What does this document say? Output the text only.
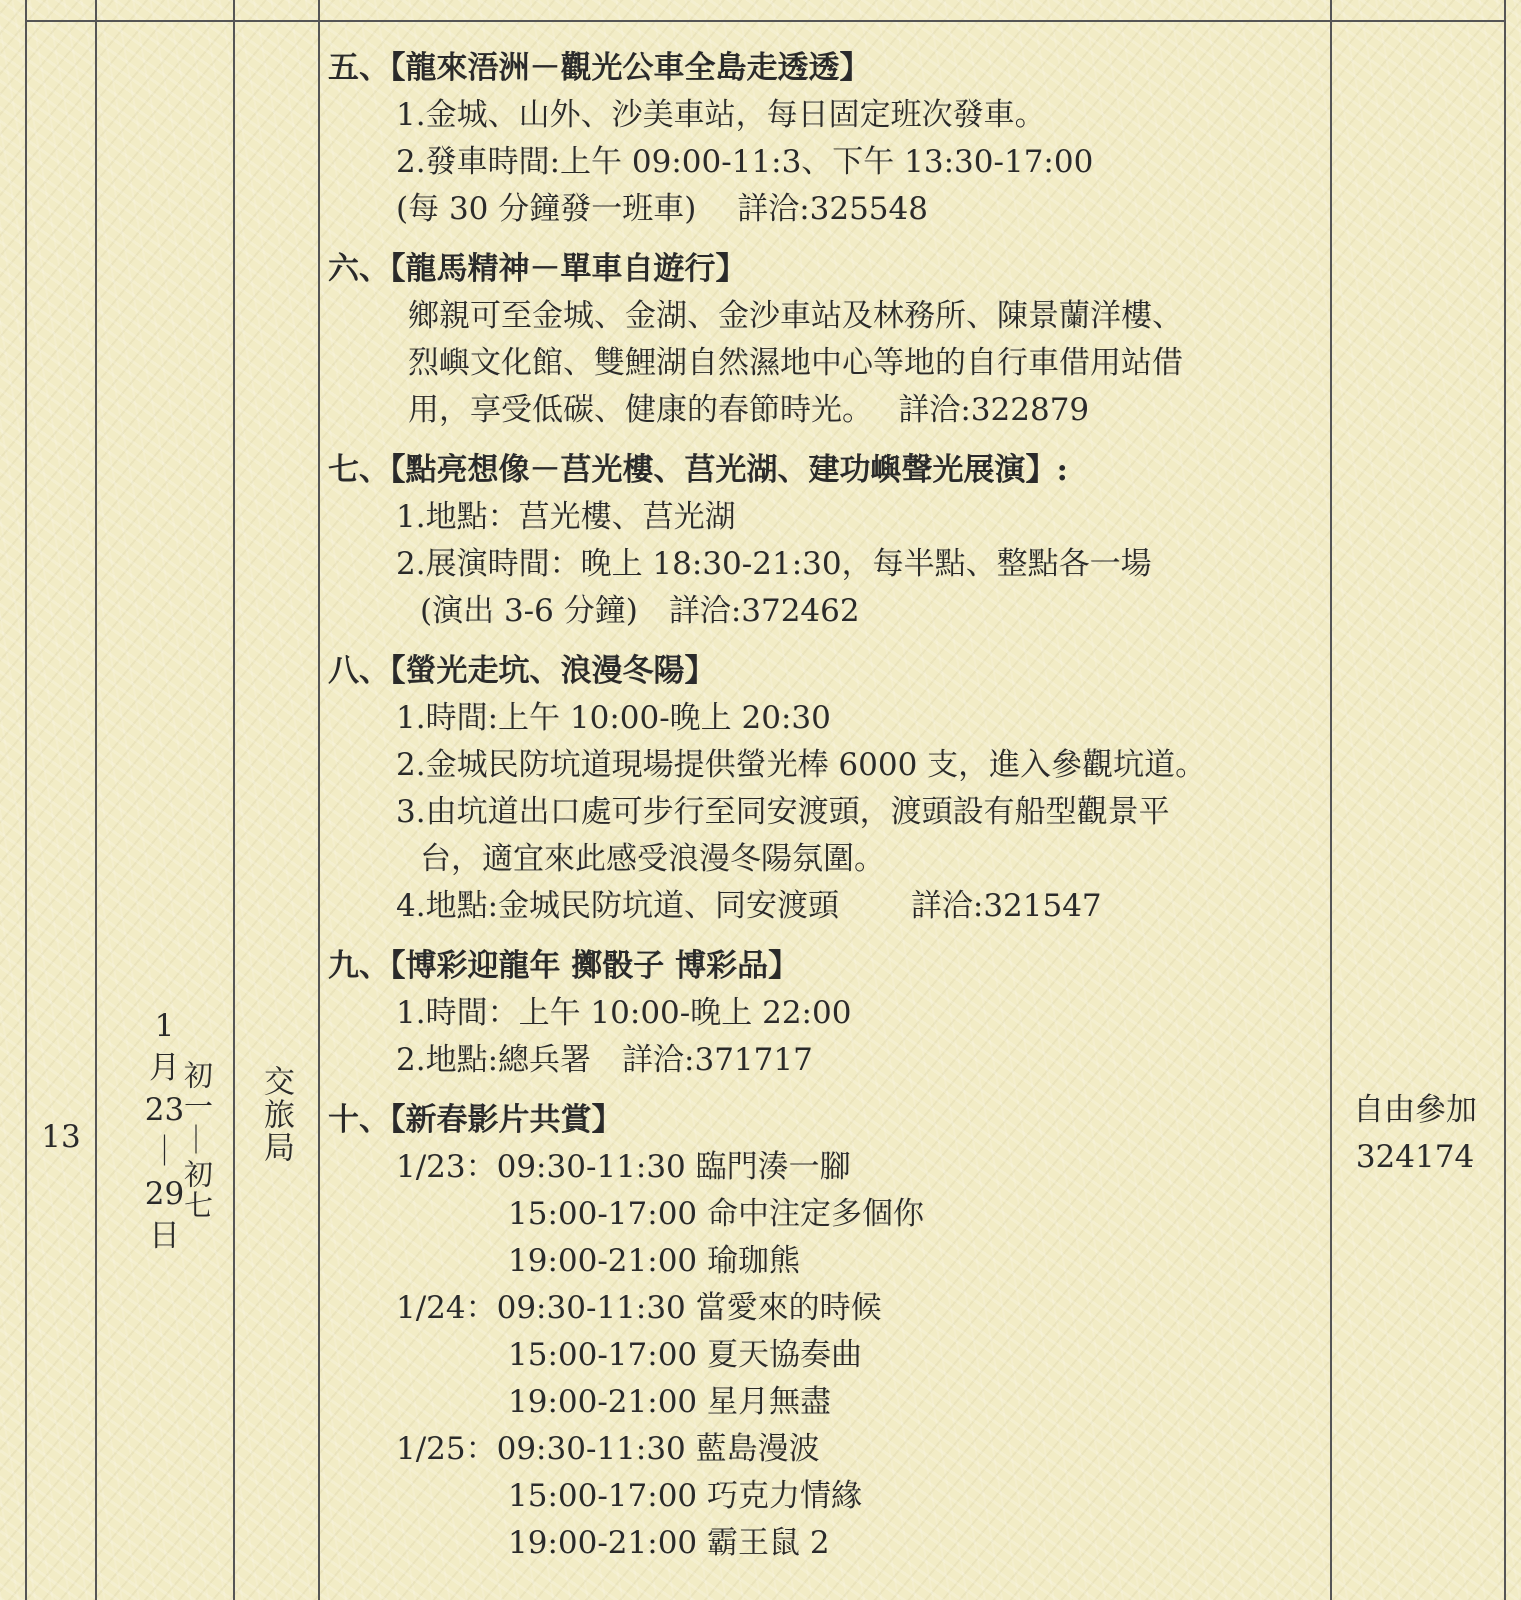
13
1
月
23
｜
29
日
初一
｜
初七
交旅局
五、【龍來浯洲－觀光公車全島走透透】
1.金城、山外、沙美車站，每日固定班次發車。
2.發車時間:上午 09:00-11:3、下午 13:30-17:00
(每 30 分鐘發一班車)　 詳洽:325548
六、【龍馬精神－單車自遊行】
鄉親可至金城、金湖、金沙車站及林務所、陳景蘭洋樓、
烈嶼文化館、雙鯉湖自然濕地中心等地的自行車借用站借
用，享受低碳、健康的春節時光。　 詳洽:322879
七、【點亮想像－莒光樓、莒光湖、建功嶼聲光展演】:
1.地點：莒光樓、莒光湖
2.展演時間：晚上 18:30-21:30，每半點、整點各一場
(演出 3-6 分鐘)　詳洽:372462
八、【螢光走坑、浪漫冬陽】
1.時間:上午 10:00-晚上 20:30
2.金城民防坑道現場提供螢光棒 6000 支，進入參觀坑道。
3.由坑道出口處可步行至同安渡頭，渡頭設有船型觀景平
台，適宜來此感受浪漫冬陽氛圍。
4.地點:金城民防坑道、同安渡頭　　 詳洽:321547
九、【博彩迎龍年 擲骰子 博彩品】
1.時間：上午 10:00-晚上 22:00
2.地點:總兵署　詳洽:371717
十、【新春影片共賞】
1/23：09:30-11:30 臨門湊一腳
15:00-17:00 命中注定多個你
19:00-21:00 瑜珈熊
1/24：09:30-11:30 當愛來的時候
15:00-17:00 夏天協奏曲
19:00-21:00 星月無盡
1/25：09:30-11:30 藍島漫波
15:00-17:00 巧克力情緣
19:00-21:00 霸王鼠 2
自由參加
324174
